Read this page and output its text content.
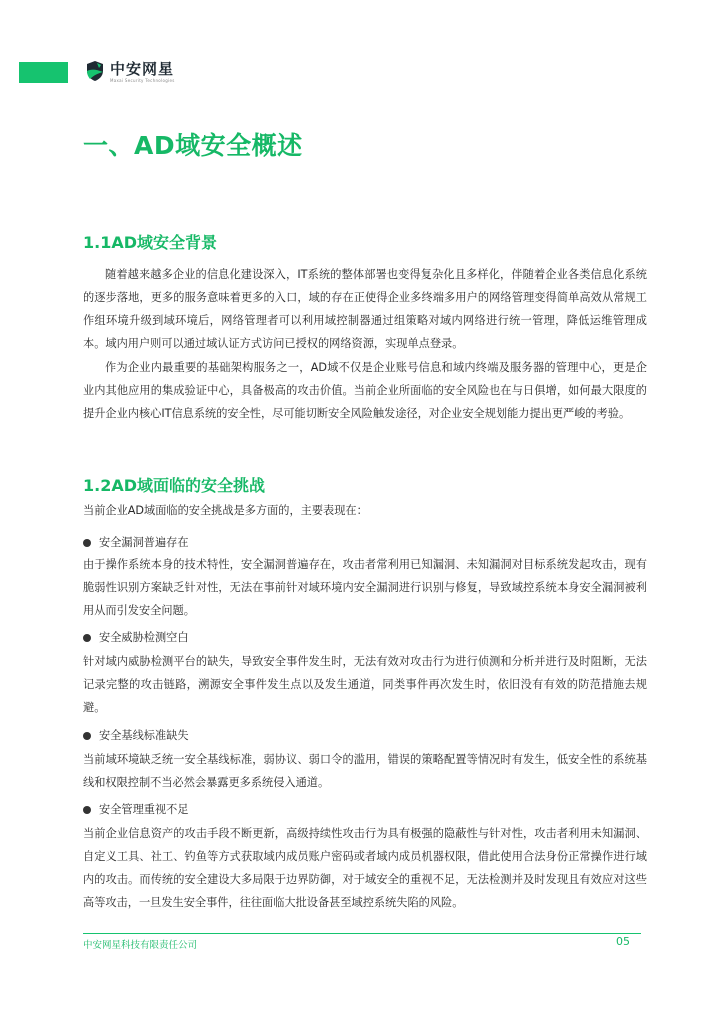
中安网星
Maxai Security Technologies
一、AD域安全概述
1.1AD域安全背景

随着越来越多企业的信息化建设深入，IT系统的整体部署也变得复杂化且多样化，伴随着企业各类信息化系统的逐步落地，更多的服务意味着更多的入口，域的存在正使得企业多终端多用户的网络管理变得简单高效从常规工作组环境升级到域环境后，网络管理者可以利用域控制器通过组策略对域内网络进行统一管理，降低运维管理成本。域内用户则可以通过域认证方式访问已授权的网络资源，实现单点登录。

作为企业内最重要的基础架构服务之一，AD域不仅是企业账号信息和域内终端及服务器的管理中心，更是企业内其他应用的集成验证中心，具备极高的攻击价值。当前企业所面临的安全风险也在与日俱增，如何最大限度的提升企业内核心IT信息系统的安全性，尽可能切断安全风险触发途径，对企业安全规划能力提出更严峻的考验。

1.2AD域面临的安全挑战

当前企业AD域面临的安全挑战是多方面的，主要表现在：

安全漏洞普遍存在

由于操作系统本身的技术特性，安全漏洞普遍存在，攻击者常利用已知漏洞、未知漏洞对目标系统发起攻击，现有脆弱性识别方案缺乏针对性，无法在事前针对域环境内安全漏洞进行识别与修复，导致域控系统本身安全漏洞被利用从而引发安全问题。

安全威胁检测空白

针对域内威胁检测平台的缺失，导致安全事件发生时，无法有效对攻击行为进行侦测和分析并进行及时阻断，无法记录完整的攻击链路，溯源安全事件发生点以及发生通道，同类事件再次发生时，依旧没有有效的防范措施去规避。

安全基线标准缺失

当前域环境缺乏统一安全基线标准，弱协议、弱口令的滥用，错误的策略配置等情况时有发生，低安全性的系统基线和权限控制不当必然会暴露更多系统侵入通道。

安全管理重视不足

当前企业信息资产的攻击手段不断更新，高级持续性攻击行为具有极强的隐蔽性与针对性，攻击者利用未知漏洞、自定义工具、社工、钓鱼等方式获取域内成员账户密码或者域内成员机器权限，借此使用合法身份正常操作进行域内的攻击。而传统的安全建设大多局限于边界防御，对于域安全的重视不足，无法检测并及时发现且有效应对这些高等攻击，一旦发生安全事件，往往面临大批设备甚至域控系统失陷的风险。

中安网星科技有限责任公司	05
